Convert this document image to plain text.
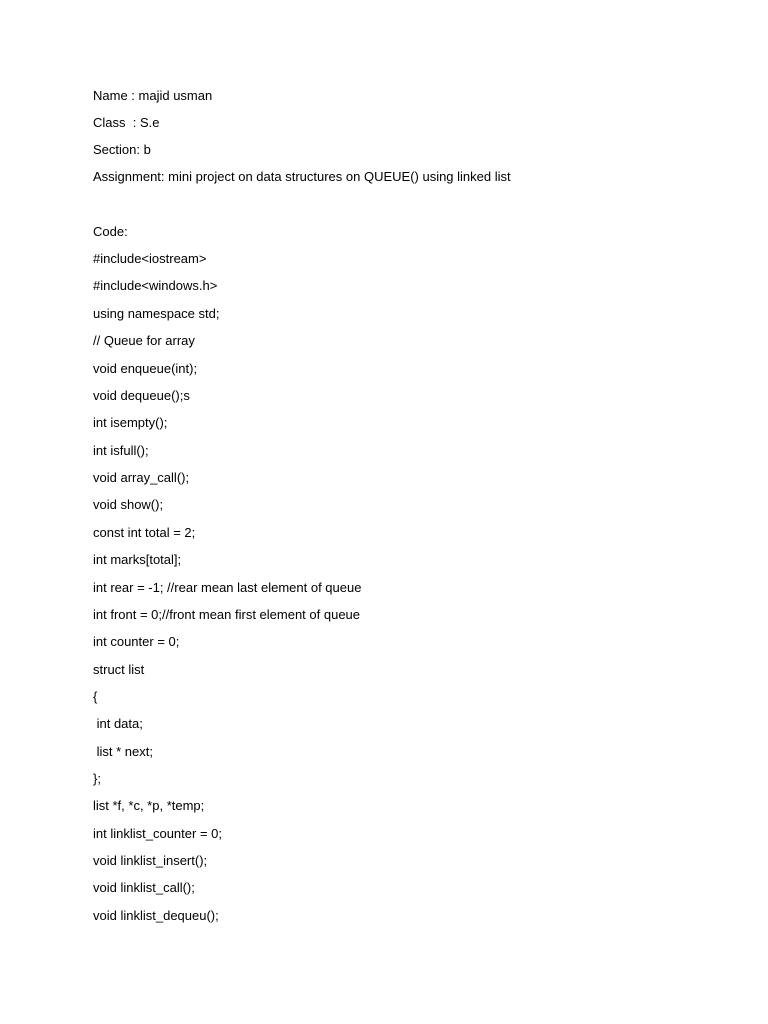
Name : majid usman
Class  : S.e
Section: b
Assignment: mini project on data structures on QUEUE() using linked list
Code:
#include<iostream>
#include<windows.h>
using namespace std;
// Queue for array
void enqueue(int);
void dequeue();s
int isempty();
int isfull();
void array_call();
void show();
const int total = 2;
int marks[total];
int rear = -1; //rear mean last element of queue
int front = 0;//front mean first element of queue
int counter = 0;
struct list
{
int data;
list * next;
};
list *f, *c, *p, *temp;
int linklist_counter = 0;
void linklist_insert();
void linklist_call();
void linklist_dequeu();
